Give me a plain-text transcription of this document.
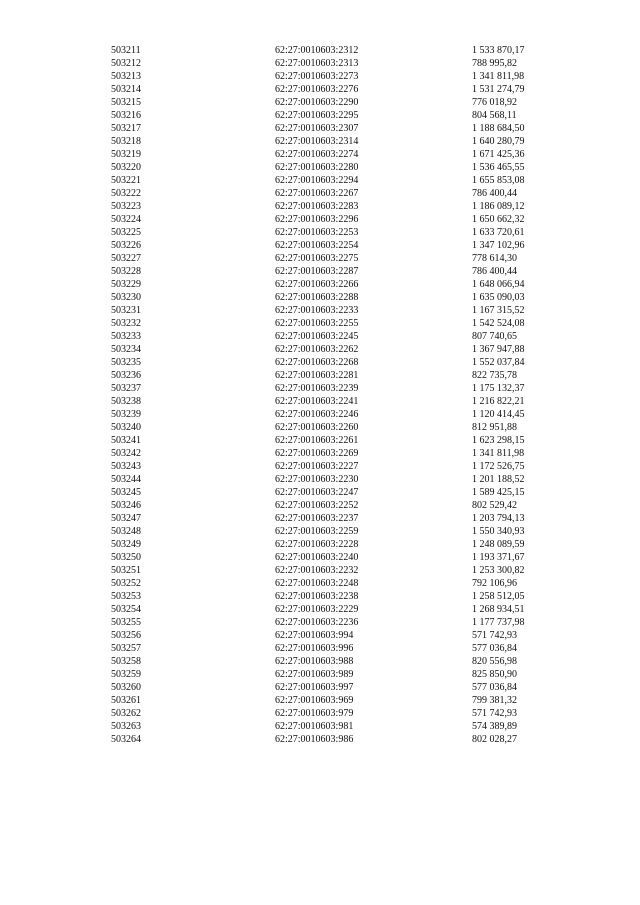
503211	62:27:0010603:2312	1 533 870,17
503212	62:27:0010603:2313	788 995,82
503213	62:27:0010603:2273	1 341 811,98
503214	62:27:0010603:2276	1 531 274,79
503215	62:27:0010603:2290	776 018,92
503216	62:27:0010603:2295	804 568,11
503217	62:27:0010603:2307	1 188 684,50
503218	62:27:0010603:2314	1 640 280,79
503219	62:27:0010603:2274	1 671 425,36
503220	62:27:0010603:2280	1 536 465,55
503221	62:27:0010603:2294	1 655 853,08
503222	62:27:0010603:2267	786 400,44
503223	62:27:0010603:2283	1 186 089,12
503224	62:27:0010603:2296	1 650 662,32
503225	62:27:0010603:2253	1 633 720,61
503226	62:27:0010603:2254	1 347 102,96
503227	62:27:0010603:2275	778 614,30
503228	62:27:0010603:2287	786 400,44
503229	62:27:0010603:2266	1 648 066,94
503230	62:27:0010603:2288	1 635 090,03
503231	62:27:0010603:2233	1 167 315,52
503232	62:27:0010603:2255	1 542 524,08
503233	62:27:0010603:2245	807 740,65
503234	62:27:0010603:2262	1 367 947,88
503235	62:27:0010603:2268	1 552 037,84
503236	62:27:0010603:2281	822 735,78
503237	62:27:0010603:2239	1 175 132,37
503238	62:27:0010603:2241	1 216 822,21
503239	62:27:0010603:2246	1 120 414,45
503240	62:27:0010603:2260	812 951,88
503241	62:27:0010603:2261	1 623 298,15
503242	62:27:0010603:2269	1 341 811,98
503243	62:27:0010603:2227	1 172 526,75
503244	62:27:0010603:2230	1 201 188,52
503245	62:27:0010603:2247	1 589 425,15
503246	62:27:0010603:2252	802 529,42
503247	62:27:0010603:2237	1 203 794,13
503248	62:27:0010603:2259	1 550 340,93
503249	62:27:0010603:2228	1 248 089,59
503250	62:27:0010603:2240	1 193 371,67
503251	62:27:0010603:2232	1 253 300,82
503252	62:27:0010603:2248	792 106,96
503253	62:27:0010603:2238	1 258 512,05
503254	62:27:0010603:2229	1 268 934,51
503255	62:27:0010603:2236	1 177 737,98
503256	62:27:0010603:994	571 742,93
503257	62:27:0010603:996	577 036,84
503258	62:27:0010603:988	820 556,98
503259	62:27:0010603:989	825 850,90
503260	62:27:0010603:997	577 036,84
503261	62:27:0010603:969	799 381,32
503262	62:27:0010603:979	571 742,93
503263	62:27:0010603:981	574 389,89
503264	62:27:0010603:986	802 028,27
